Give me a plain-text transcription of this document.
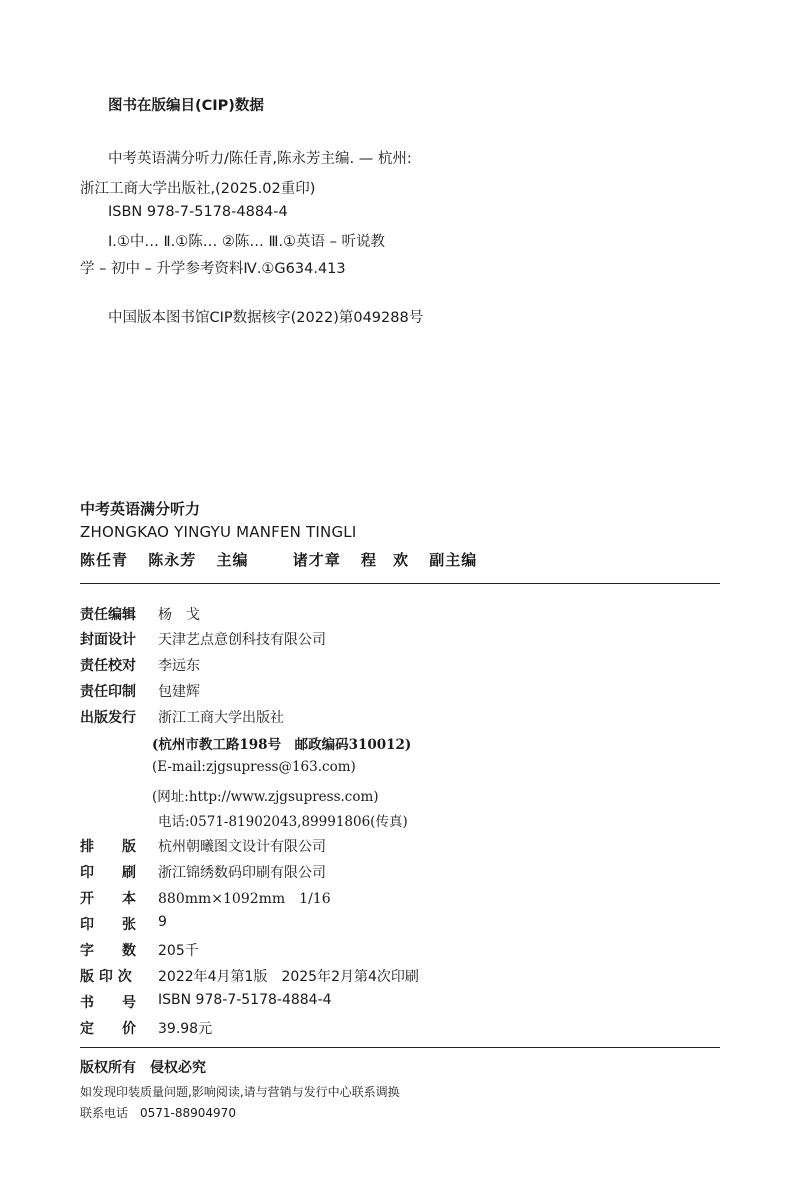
图书在版编目(CIP)数据
中考英语满分听力/陈任青,陈永芳主编. — 杭州:
浙江工商大学出版社,(2025.02重印)
ISBN 978-7-5178-4884-4
Ⅰ.①中… Ⅱ.①陈… ②陈… Ⅲ.①英语 – 听说教
学 – 初中 – 升学参考资料Ⅳ.①G634.413
中国版本图书馆CIP数据核字(2022)第049288号
中考英语满分听力
ZHONGKAO YINGYU MANFEN TINGLI
陈任青 陈永芳 主编	诸才章 程　欢 副主编
责任编辑 杨　戈
封面设计 天津艺点意创科技有限公司
责任校对 李远东
责任印制 包建辉
出版发行 浙江工商大学出版社
(杭州市教工路198号　邮政编码310012)
(E-mail:zjgsupress@163.com)
(网址:http://www.zjgsupress.com)
电话:0571-81902043,89991806(传真)
排　　版 杭州朝曦图文设计有限公司
印　　刷 浙江锦绣数码印刷有限公司
开　　本 880mm×1092mm　1/16
印　　张 9
字　　数 205千
版 印 次 2022年4月第1版　2025年2月第4次印刷
书　　号 ISBN 978-7-5178-4884-4
定　　价 39.98元
版权所有　侵权必究
如发现印装质量问题,影响阅读,请与营销与发行中心联系调换
联系电话　0571-88904970
